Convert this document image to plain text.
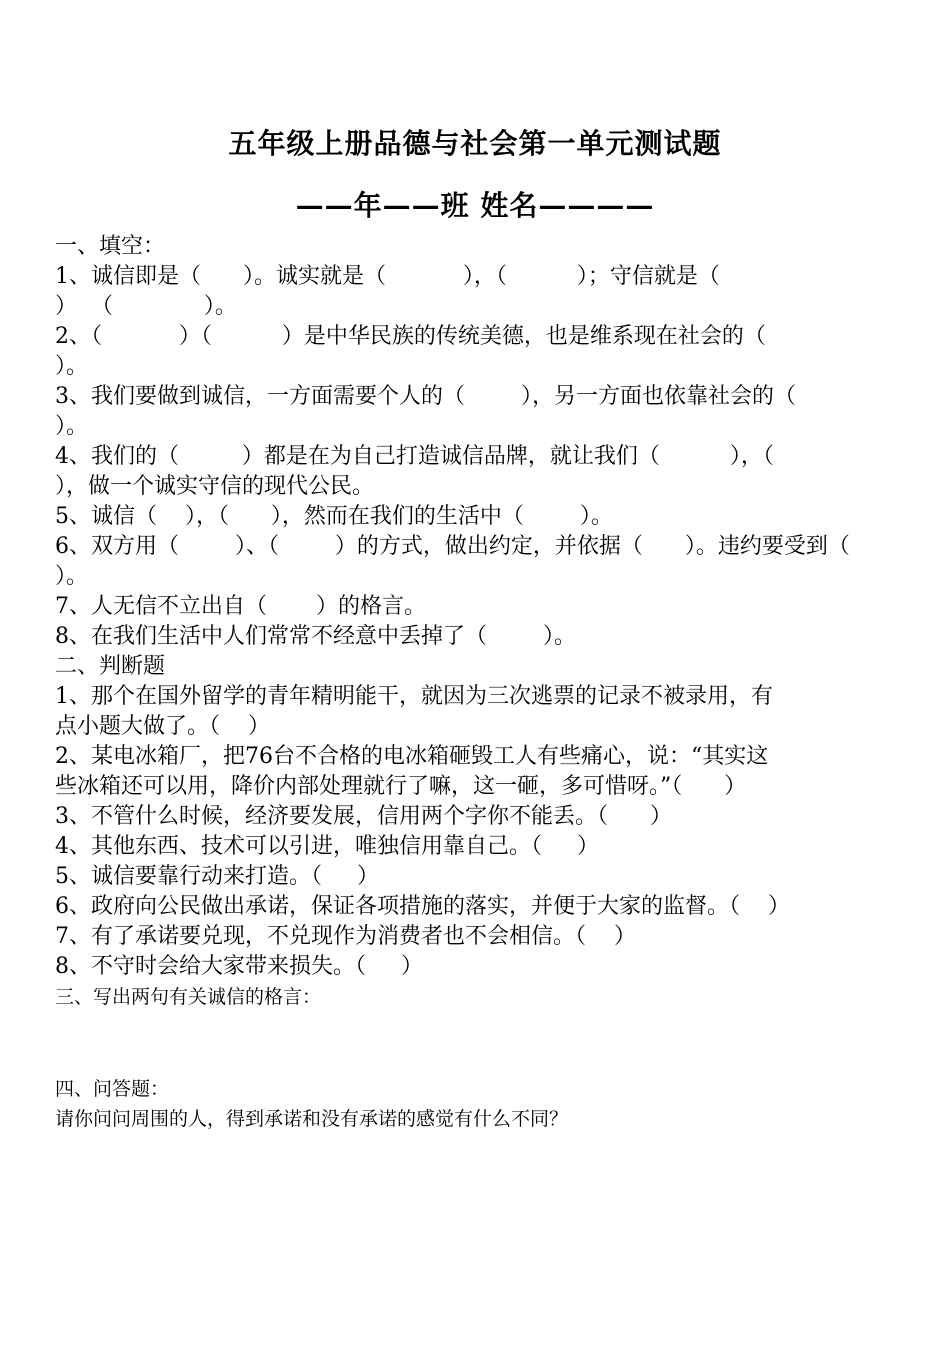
五年级上册品德与社会第一单元测试题
——年——班 姓名————
一、填空：
1、诚信即是（      ）。诚实就是（           ），（          ）；守信就是（
）  （             ）。
2、（           ）（          ）是中华民族的传统美德，也是维系现在社会的（
）。
3、我们要做到诚信，一方面需要个人的（        ），另一方面也依靠社会的（
）。
4、我们的（         ）都是在为自己打造诚信品牌，就让我们（          ），（
），做一个诚实守信的现代公民。
5、诚信（    ），（      ），然而在我们的生活中（        ）。
6、双方用（        ）、（        ）的方式，做出约定，并依据（      ）。违约要受到（
）。
7、人无信不立出自（       ）的格言。
8、在我们生活中人们常常不经意中丢掉了（        ）。
二、判断题
1、那个在国外留学的青年精明能干，就因为三次逃票的记录不被录用，有
点小题大做了。（    ）
2、某电冰箱厂，把76台不合格的电冰箱砸毁工人有些痛心，说：“其实这
些冰箱还可以用，降价内部处理就行了嘛，这一砸，多可惜呀。”（      ）
3、不管什么时候，经济要发展，信用两个字你不能丢。（      ）
4、其他东西、技术可以引进，唯独信用靠自己。（     ）
5、诚信要靠行动来打造。（     ）
6、政府向公民做出承诺，保证各项措施的落实，并便于大家的监督。（    ）
7、有了承诺要兑现，不兑现作为消费者也不会相信。（    ）
8、不守时会给大家带来损失。（     ）
三、写出两句有关诚信的格言：
四、问答题：
请你问问周围的人，得到承诺和没有承诺的感觉有什么不同？
